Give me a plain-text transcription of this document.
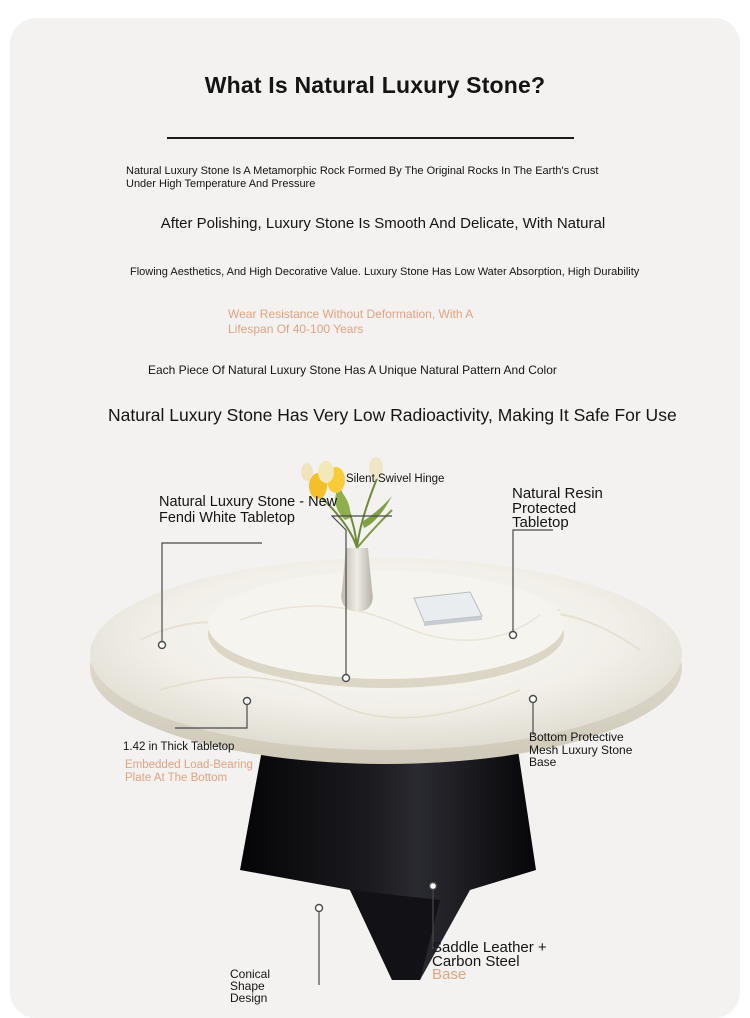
What Is Natural Luxury Stone?
Natural Luxury Stone Is A Metamorphic Rock Formed By The Original Rocks In The Earth's Crust Under High Temperature And Pressure
After Polishing, Luxury Stone Is Smooth And Delicate, With Natural
Flowing Aesthetics, And High Decorative Value. Luxury Stone Has Low Water Absorption, High Durability
Wear Resistance Without Deformation, With A Lifespan Of 40-100 Years
Each Piece Of Natural Luxury Stone Has A Unique Natural Pattern And Color
Natural Luxury Stone Has Very Low Radioactivity, Making It Safe For Use
Natural Luxury Stone - New Fendi White Tabletop
Silent Swivel Hinge
Natural Resin Protected Tabletop
1.42 in Thick Tabletop
Embedded Load-Bearing Plate At The Bottom
Bottom Protective Mesh Luxury Stone Base
Saddle Leather + Carbon Steel
Base
Conical Shape Design
